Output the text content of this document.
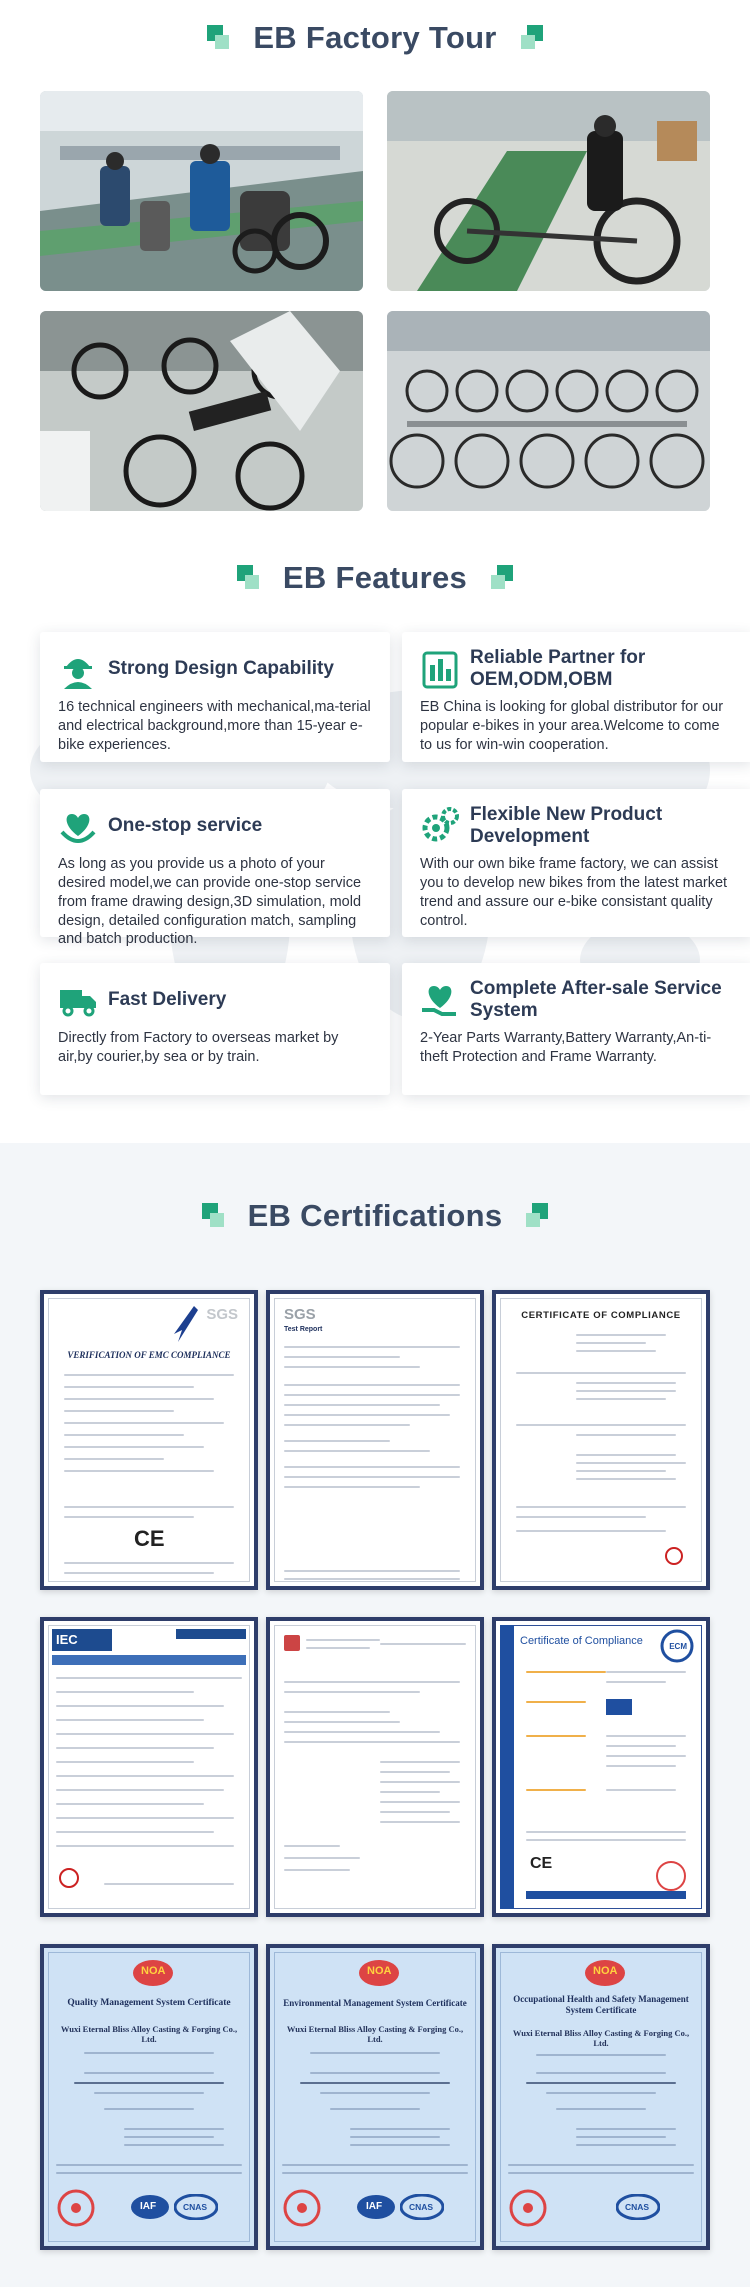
EB Factory Tour
EB Features
Strong Design Capability
16 technical engineers with mechanical,ma-terial and electrical background,more than 15-year e-bike experiences.
Reliable Partner for OEM,ODM,OBM
EB China is looking for global distributor for our popular e-bikes in your area.Welcome to come to us for win-win cooperation.
One-stop service
As long as you provide us a photo of your desired model,we can provide one-stop service from frame drawing design,3D simulation, mold design, detailed configuration match, sampling and batch production.
Flexible New Product Development
With our own bike frame factory, we can assist you to develop new bikes from the latest market trend and assure our e-bike consistant quality control.
Fast Delivery
Directly from Factory to overseas market by air,by courier,by sea or by train.
Complete After-sale Service System
2-Year Parts Warranty,Battery Warranty,An-ti-theft Protection and Frame Warranty.
EB Certifications
SGS
VERIFICATION OF EMC COMPLIANCE
CE
SGS
Test Report
CERTIFICATE OF COMPLIANCE
IEC	Certificate of Compliance	ECM
CE
NOA
Quality Management System Certificate
Wuxi Eternal Bliss Alloy Casting & Forging Co., Ltd.
IAF	CNAS
NOA
Environmental Management System Certificate
Wuxi Eternal Bliss Alloy Casting & Forging Co., Ltd.
IAF	CNAS
NOA
Occupational Health and Safety Management System Certificate
Wuxi Eternal Bliss Alloy Casting & Forging Co., Ltd.
CNAS
